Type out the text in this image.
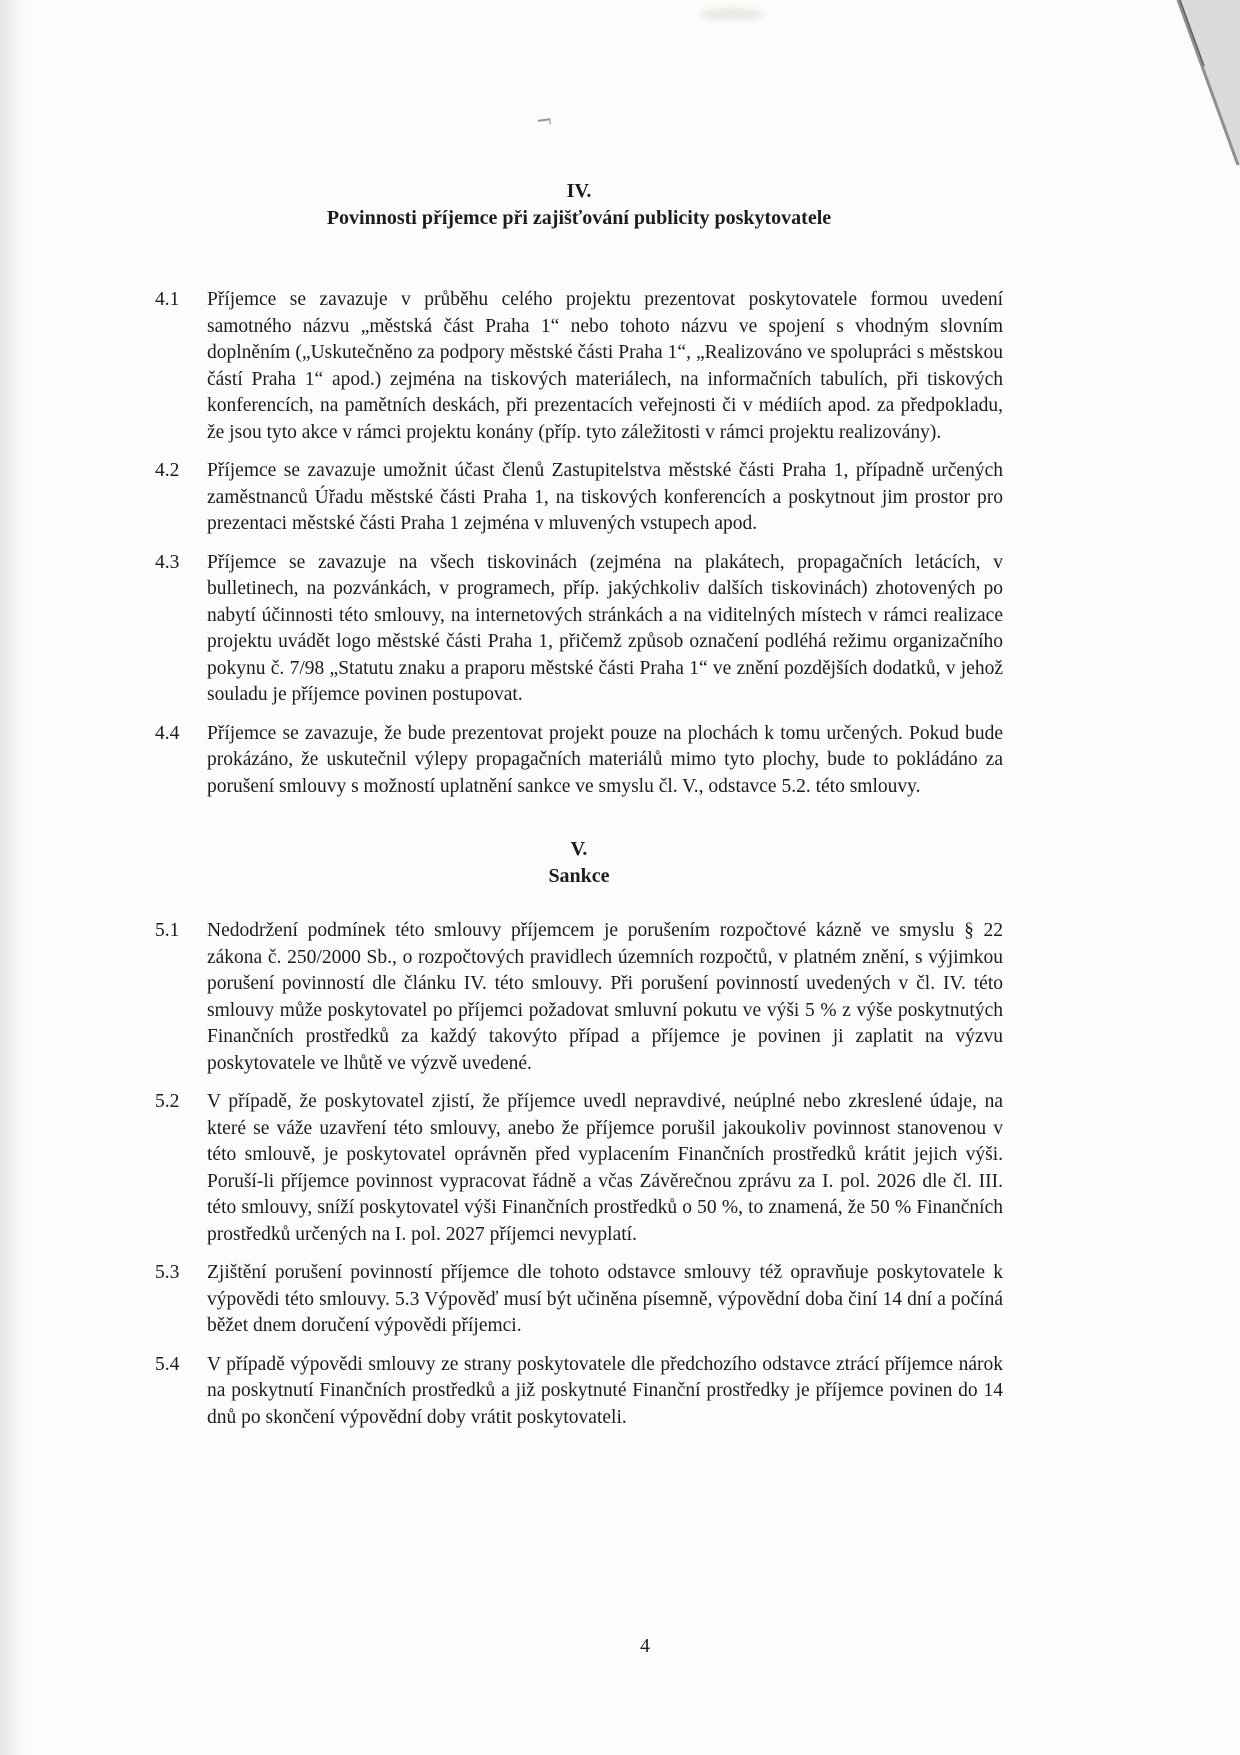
IV.
Povinnosti příjemce při zajišťování publicity poskytovatele
4.1	Příjemce se zavazuje v průběhu celého projektu prezentovat poskytovatele formou uvedení samotného názvu „městská část Praha 1“ nebo tohoto názvu ve spojení s vhodným slovním doplněním („Uskutečněno za podpory městské části Praha 1“, „Realizováno ve spolupráci s městskou částí Praha 1“ apod.) zejména na tiskových materiálech, na informačních tabulích, při tiskových konferencích, na pamětních deskách, při prezentacích veřejnosti či v médiích apod. za předpokladu, že jsou tyto akce v rámci projektu konány (příp. tyto záležitosti v rámci projektu realizovány).

4.2	Příjemce se zavazuje umožnit účast členů Zastupitelstva městské části Praha 1, případně určených zaměstnanců Úřadu městské části Praha 1, na tiskových konferencích a poskytnout jim prostor pro prezentaci městské části Praha 1 zejména v mluvených vstupech apod.

4.3	Příjemce se zavazuje na všech tiskovinách (zejména na plakátech, propagačních letácích, v bulletinech, na pozvánkách, v programech, příp. jakýchkoliv dalších tiskovinách) zhotovených po nabytí účinnosti této smlouvy, na internetových stránkách a na viditelných místech v rámci realizace projektu uvádět logo městské části Praha 1, přičemž způsob označení podléhá režimu organizačního pokynu č. 7/98 „Statutu znaku a praporu městské části Praha 1“ ve znění pozdějších dodatků, v jehož souladu je příjemce povinen postupovat.

4.4	Příjemce se zavazuje, že bude prezentovat projekt pouze na plochách k tomu určených. Pokud bude prokázáno, že uskutečnil výlepy propagačních materiálů mimo tyto plochy, bude to pokládáno za porušení smlouvy s možností uplatnění sankce ve smyslu čl. V., odstavce 5.2. této smlouvy.

V.
Sankce
5.1	Nedodržení podmínek této smlouvy příjemcem je porušením rozpočtové kázně ve smyslu § 22 zákona č. 250/2000 Sb., o rozpočtových pravidlech územních rozpočtů, v platném znění, s výjimkou porušení povinností dle článku IV. této smlouvy. Při porušení povinností uvedených v čl. IV. této smlouvy může poskytovatel po příjemci požadovat smluvní pokutu ve výši 5 % z výše poskytnutých Finančních prostředků za každý takovýto případ a příjemce je povinen ji zaplatit na výzvu poskytovatele ve lhůtě ve výzvě uvedené.

5.2	V případě, že poskytovatel zjistí, že příjemce uvedl nepravdivé, neúplné nebo zkreslené údaje, na které se váže uzavření této smlouvy, anebo že příjemce porušil jakoukoliv povinnost stanovenou v této smlouvě, je poskytovatel oprávněn před vyplacením Finančních prostředků krátit jejich výši. Poruší-li příjemce povinnost vypracovat řádně a včas Závěrečnou zprávu za I. pol. 2026 dle čl. III. této smlouvy, sníží poskytovatel výši Finančních prostředků o 50 %, to znamená, že 50 % Finančních prostředků určených na I. pol. 2027 příjemci nevyplatí.

5.3	Zjištění porušení povinností příjemce dle tohoto odstavce smlouvy též opravňuje poskytovatele k výpovědi této smlouvy. 5.3 Výpověď musí být učiněna písemně, výpovědní doba činí 14 dní a počíná běžet dnem doručení výpovědi příjemci.

5.4	V případě výpovědi smlouvy ze strany poskytovatele dle předchozího odstavce ztrácí příjemce nárok na poskytnutí Finančních prostředků a již poskytnuté Finanční prostředky je příjemce povinen do 14 dnů po skončení výpovědní doby vrátit poskytovateli.

4
